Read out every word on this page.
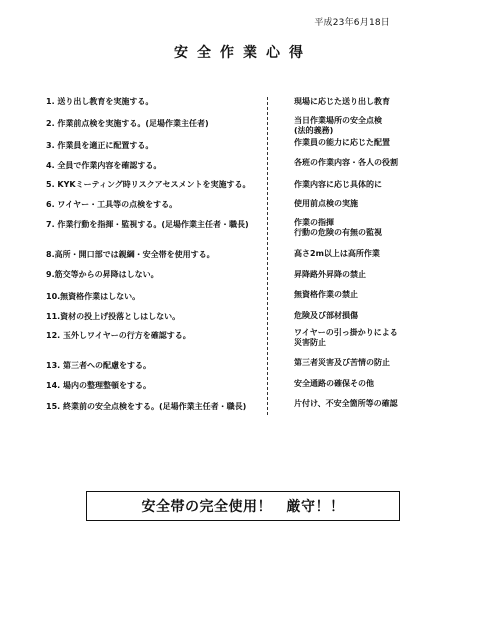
平成23年6月18日
安全作業心得
1. 送り出し教育を実施する。	現場に応じた送り出し教育
2. 作業前点検を実施する。(足場作業主任者)	当日作業場所の安全点検
(法的義務)
3. 作業員を適正に配置する。	作業員の能力に応じた配置
4. 全員で作業内容を確認する。	各班の作業内容・各人の役割
5. KYKミーティング時リスクアセスメントを実施する。	作業内容に応じ具体的に
6. ワイヤー・工具等の点検をする。	使用前点検の実施
7. 作業行動を指揮・監視する。(足場作業主任者・職長)	作業の指揮
行動の危険の有無の監視
8.高所・開口部では親綱・安全帯を使用する。	高さ2m以上は高所作業
9.筋交等からの昇降はしない。	昇降路外昇降の禁止
10.無資格作業はしない。	無資格作業の禁止
11.資材の投上げ投落としはしない。	危険及び部材損傷
12. 玉外しワイヤーの行方を確認する。	ワイヤーの引っ掛かりによる
災害防止
13. 第三者への配慮をする。	第三者災害及び苦情の防止
14. 場内の整理整頓をする。	安全通路の確保その他
15. 終業前の安全点検をする。(足場作業主任者・職長)	片付け、不安全箇所等の確認
安全帯の完全使用！　厳守！！
